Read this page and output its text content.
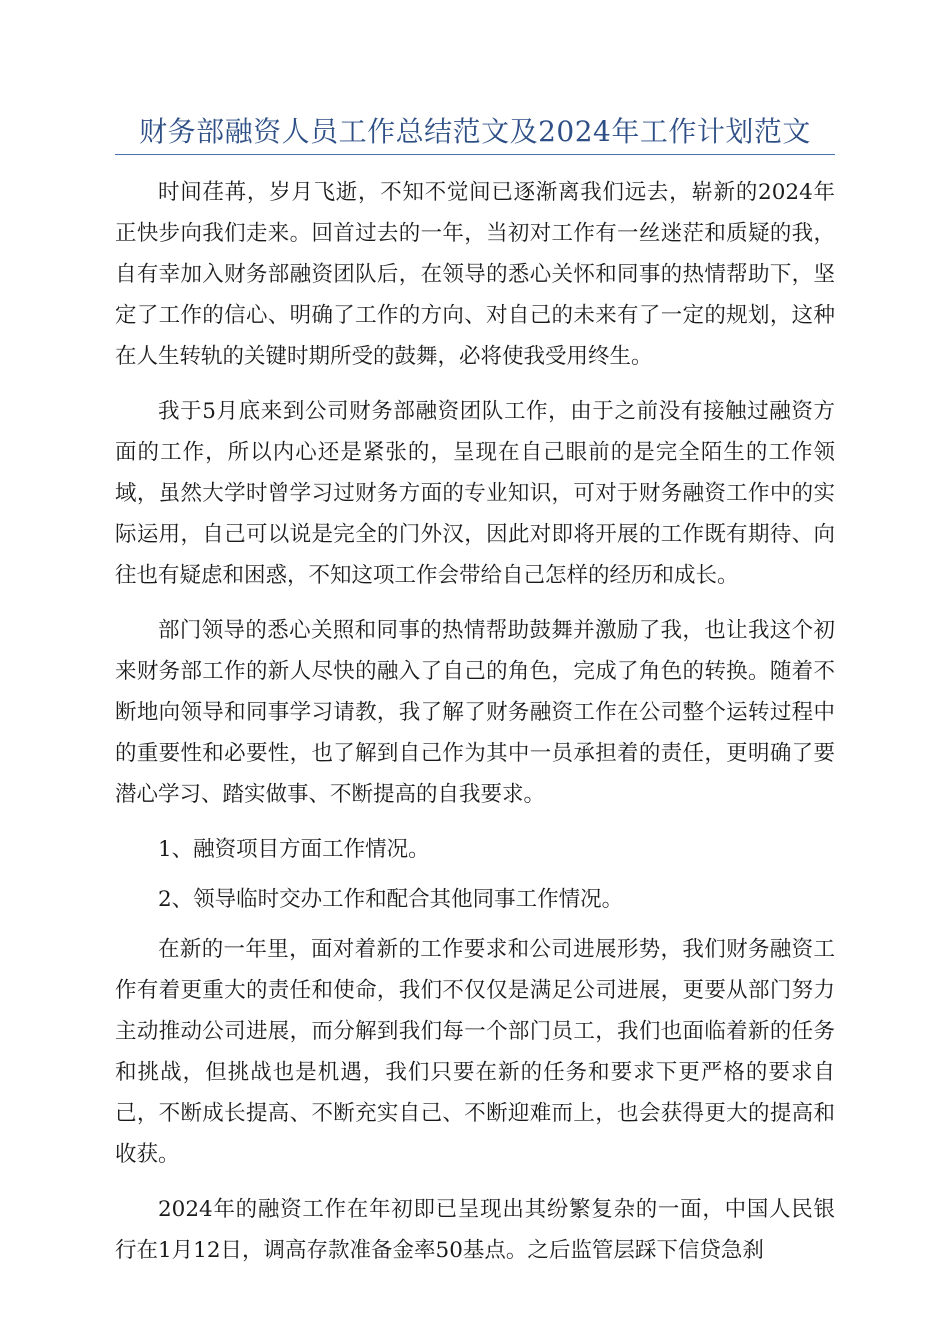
财务部融资人员工作总结范文及2024年工作计划范文

时间荏苒，岁月飞逝，不知不觉间已逐渐离我们远去，崭新的2024年正快步向我们走来。回首过去的一年，当初对工作有一丝迷茫和质疑的我，自有幸加入财务部融资团队后，在领导的悉心关怀和同事的热情帮助下，坚定了工作的信心、明确了工作的方向、对自己的未来有了一定的规划，这种在人生转轨的关键时期所受的鼓舞，必将使我受用终生。

我于5月底来到公司财务部融资团队工作，由于之前没有接触过融资方面的工作，所以内心还是紧张的，呈现在自己眼前的是完全陌生的工作领域，虽然大学时曾学习过财务方面的专业知识，可对于财务融资工作中的实际运用，自己可以说是完全的门外汉，因此对即将开展的工作既有期待、向往也有疑虑和困惑，不知这项工作会带给自己怎样的经历和成长。

部门领导的悉心关照和同事的热情帮助鼓舞并激励了我，也让我这个初来财务部工作的新人尽快的融入了自己的角色，完成了角色的转换。随着不断地向领导和同事学习请教，我了解了财务融资工作在公司整个运转过程中的重要性和必要性，也了解到自己作为其中一员承担着的责任，更明确了要潜心学习、踏实做事、不断提高的自我要求。

1、融资项目方面工作情况。

2、领导临时交办工作和配合其他同事工作情况。

在新的一年里，面对着新的工作要求和公司进展形势，我们财务融资工作有着更重大的责任和使命，我们不仅仅是满足公司进展，更要从部门努力主动推动公司进展，而分解到我们每一个部门员工，我们也面临着新的任务和挑战，但挑战也是机遇，我们只要在新的任务和要求下更严格的要求自己，不断成长提高、不断充实自己、不断迎难而上，也会获得更大的提高和收获。

2024年的融资工作在年初即已呈现出其纷繁复杂的一面，中国人民银行在1月12日，调高存款准备金率50基点。之后监管层踩下信贷急刹
